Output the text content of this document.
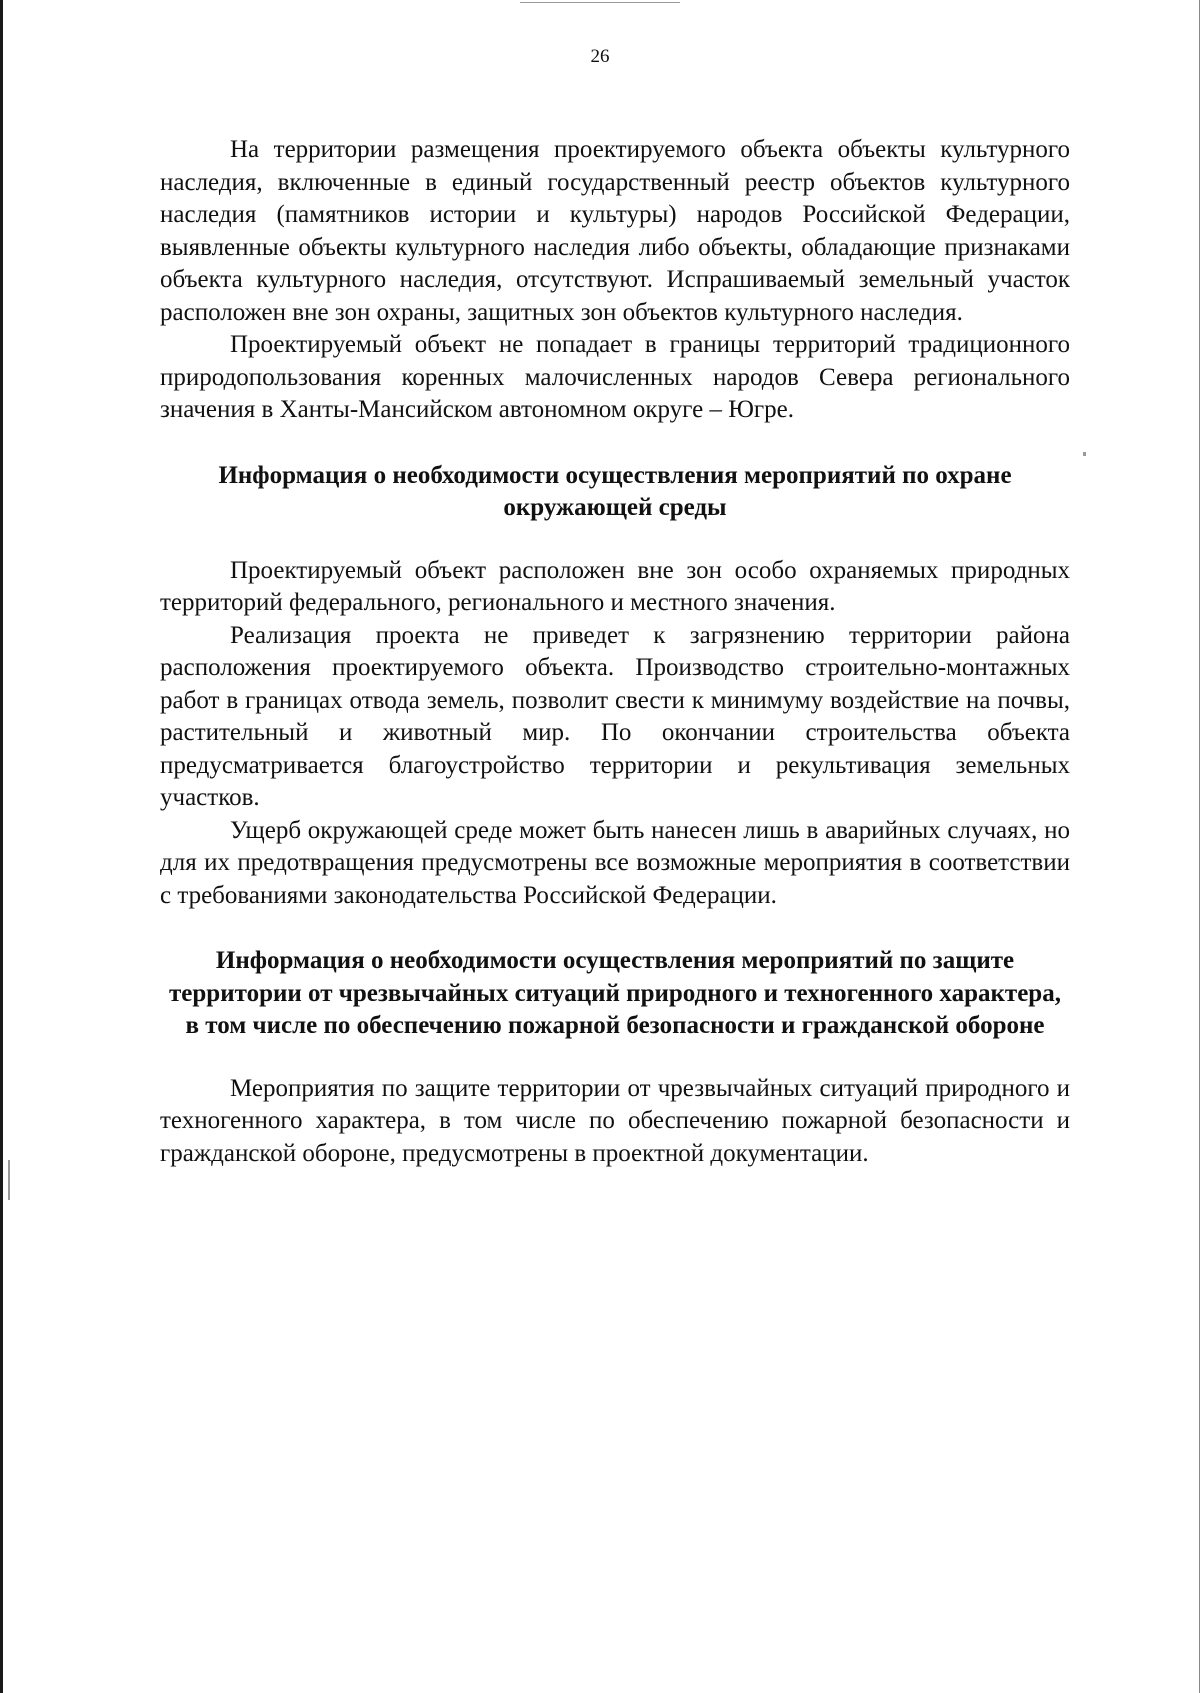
26

На территории размещения проектируемого объекта объекты культурного наследия, включенные в единый государственный реестр объектов культурного наследия (памятников истории и культуры) народов Российской Федерации, выявленные объекты культурного наследия либо объекты, обладающие признаками объекта культурного наследия, отсутствуют. Испрашиваемый земельный участок расположен вне зон охраны, защитных зон объектов культурного наследия.

Проектируемый объект не попадает в границы территорий традиционного природопользования коренных малочисленных народов Севера регионального значения в Ханты-Мансийском автономном округе – Югре.

Информация о необходимости осуществления мероприятий по охране окружающей среды

Проектируемый объект расположен вне зон особо охраняемых природных территорий федерального, регионального и местного значения.

Реализация проекта не приведет к загрязнению территории района расположения проектируемого объекта. Производство строительно-монтажных работ в границах отвода земель, позволит свести к минимуму воздействие на почвы, растительный и животный мир. По окончании строительства объекта предусматривается благоустройство территории и рекультивация земельных участков.

Ущерб окружающей среде может быть нанесен лишь в аварийных случаях, но для их предотвращения предусмотрены все возможные мероприятия в соответствии с требованиями законодательства Российской Федерации.

Информация о необходимости осуществления мероприятий по защите территории от чрезвычайных ситуаций природного и техногенного характера, в том числе по обеспечению пожарной безопасности и гражданской обороне

Мероприятия по защите территории от чрезвычайных ситуаций природного и техногенного характера, в том числе по обеспечению пожарной безопасности и гражданской обороне, предусмотрены в проектной документации.
